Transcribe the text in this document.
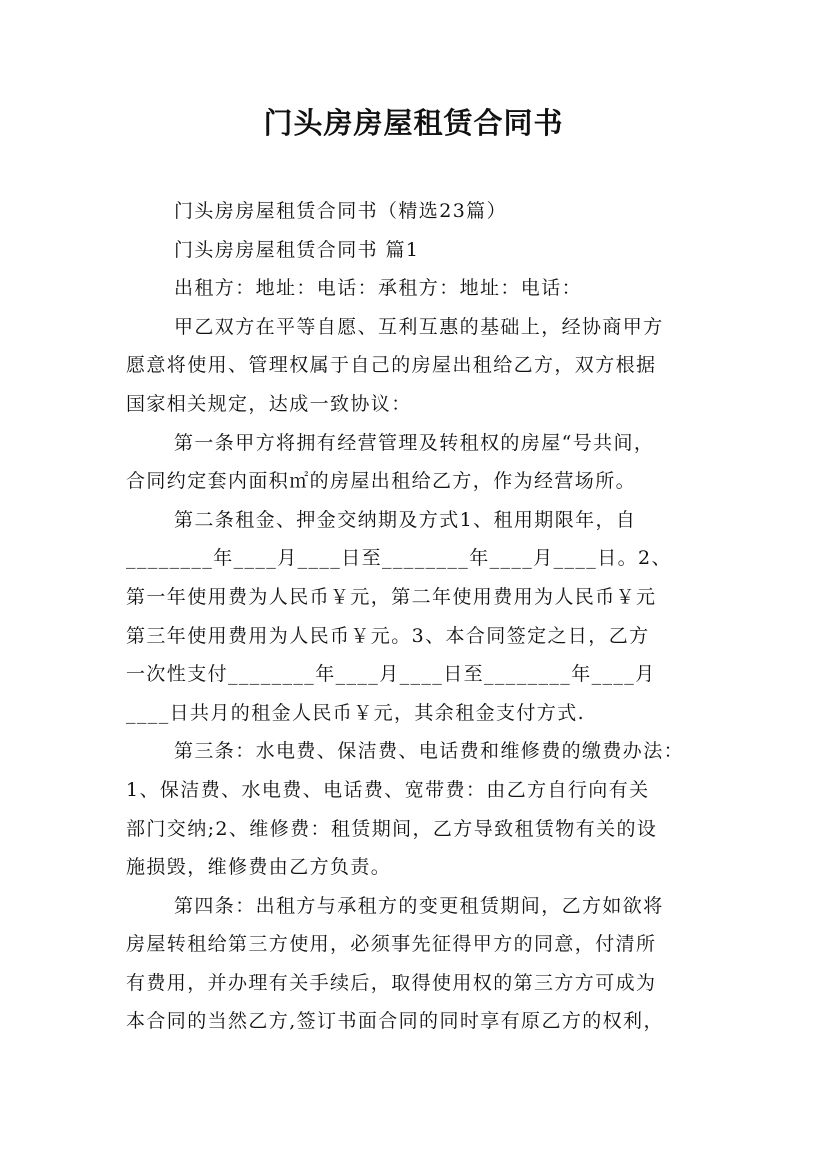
门头房房屋租赁合同书
门头房房屋租赁合同书（精选23篇）
门头房房屋租赁合同书 篇1
出租方：地址：电话：承租方：地址：电话：
甲乙双方在平等自愿、互利互惠的基础上，经协商甲方
愿意将使用、管理权属于自己的房屋出租给乙方，双方根据
国家相关规定，达成一致协议：
第一条甲方将拥有经营管理及转租权的房屋“号共间，
合同约定套内面积㎡的房屋出租给乙方，作为经营场所。
第二条租金、押金交纳期及方式1、租用期限年，自
________年____月____日至________年____月____日。2、
第一年使用费为人民币￥元，第二年使用费用为人民币￥元
第三年使用费用为人民币￥元。3、本合同签定之日，乙方
一次性支付________年____月____日至________年____月
____日共月的租金人民币￥元，其余租金支付方式.
第三条：水电费、保洁费、电话费和维修费的缴费办法：
1、保洁费、水电费、电话费、宽带费：由乙方自行向有关
部门交纳;2、维修费：租赁期间，乙方导致租赁物有关的设
施损毁，维修费由乙方负责。
第四条：出租方与承租方的变更租赁期间，乙方如欲将
房屋转租给第三方使用，必须事先征得甲方的同意，付清所
有费用，并办理有关手续后，取得使用权的第三方方可成为
本合同的当然乙方,签订书面合同的同时享有原乙方的权利，
